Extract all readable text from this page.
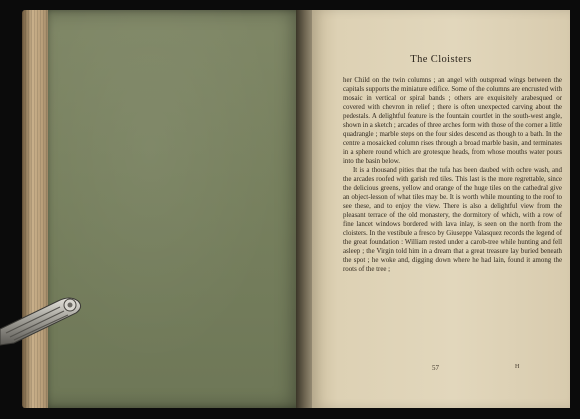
The Cloisters

her Child on the twin columns ; an angel with outspread wings between the capitals supports the miniature edifice. Some of the columns are encrusted with mosaic in vertical or spiral bands ; others are exquisitely arabesqued or covered with chevron in relief ; there is often unexpected carving about the pedestals. A delightful feature is the fountain courtlet in the south-west angle, shown in a sketch ; arcades of three arches form with those of the corner a little quadrangle ; marble steps on the four sides descend as though to a bath. In the centre a mosaicked column rises through a broad marble basin, and terminates in a sphere round which are grotesque heads, from whose mouths water pours into the basin below.

It is a thousand pities that the tufa has been daubed with ochre wash, and the arcades roofed with garish red tiles. This last is the more regrettable, since the delicious greens, yellow and orange of the huge tiles on the cathedral give an object-lesson of what tiles may be. It is worth while mounting to the roof to see these, and to enjoy the view. There is also a delightful view from the pleasant terrace of the old monastery, the dormitory of which, with a row of fine lancet windows bordered with lava inlay, is seen on the north from the cloisters. In the vestibule a fresco by Giuseppe Valasquez records the legend of the great foundation : William rested under a carob-tree while hunting and fell asleep ; the Virgin told him in a dream that a great treasure lay buried beneath the spot ; he woke and, digging down where he had lain, found it among the roots of the tree ;

57	H
